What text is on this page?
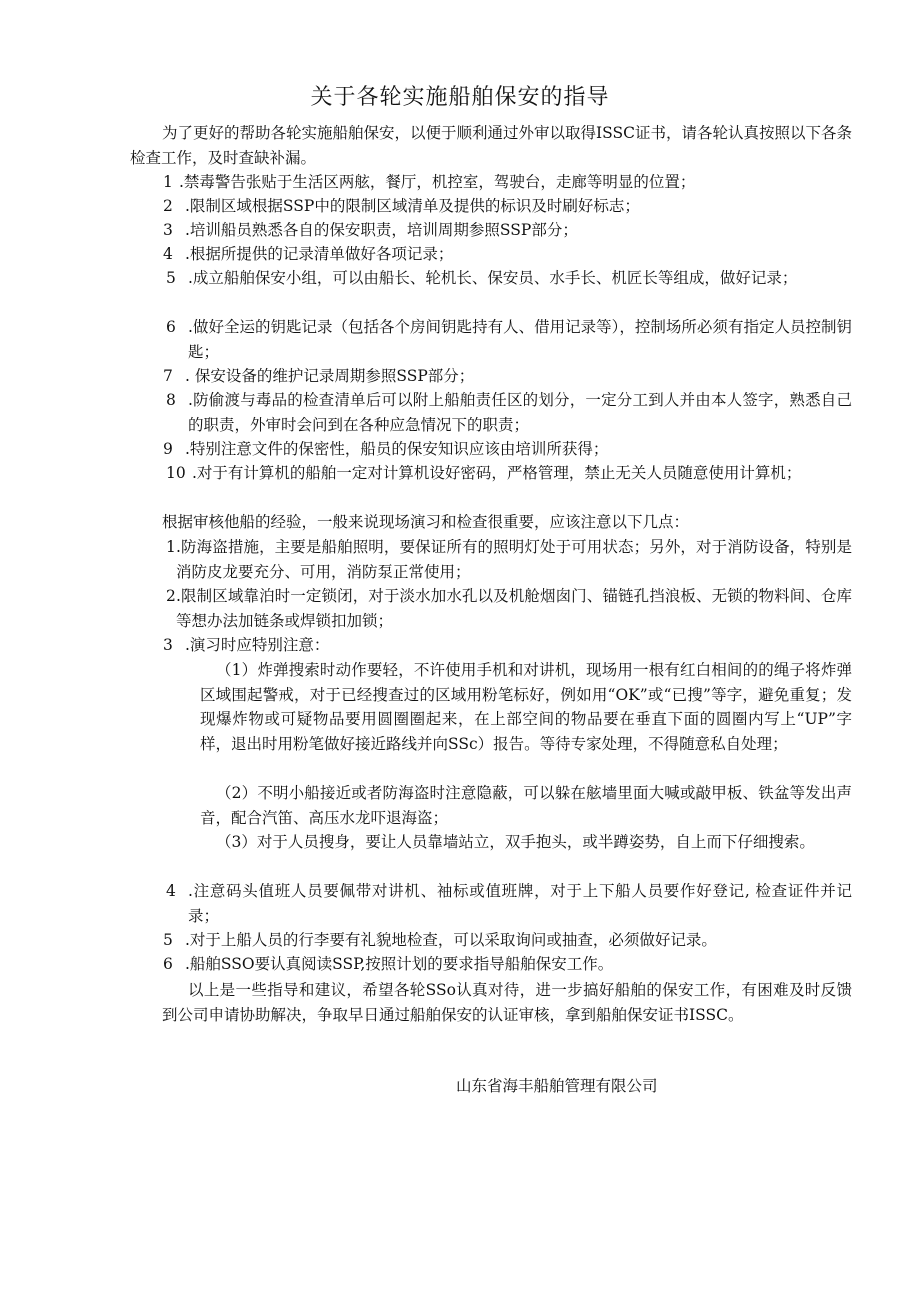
关于各轮实施船舶保安的指导
为了更好的帮助各轮实施船舶保安，以便于顺利通过外审以取得ISSC证书，请各轮认真按照以下各条检查工作，及时查缺补漏。
1 .禁毒警告张贴于生活区两舷，餐厅，机控室，驾驶台，走廊等明显的位置；
2 .限制区域根据SSP中的限制区域清单及提供的标识及时刷好标志；
3 .培训船员熟悉各自的保安职责，培训周期参照SSP部分；
4 .根据所提供的记录清单做好各项记录；
5 .成立船舶保安小组，可以由船长、轮机长、保安员、水手长、机匠长等组成，做好记录；
6 .做好全运的钥匙记录（包括各个房间钥匙持有人、借用记录等），控制场所必须有指定人员控制钥匙；
7 . 保安设备的维护记录周期参照SSP部分；
8 .防偷渡与毒品的检查清单后可以附上船舶责任区的划分，一定分工到人并由本人签字，熟悉自己的职责，外审时会问到在各种应急情况下的职责；
9 .特别注意文件的保密性，船员的保安知识应该由培训所获得；
10 .对于有计算机的船舶一定对计算机设好密码，严格管理，禁止无关人员随意使用计算机；
根据审核他船的经验，一般来说现场演习和检查很重要，应该注意以下几点：
1 .防海盗措施，主要是船舶照明，要保证所有的照明灯处于可用状态；另外，对于消防设备，特别是消防皮龙要充分、可用，消防泵正常使用；
2 .限制区域靠泊时一定锁闭，对于淡水加水孔以及机舱烟囱门、锚链孔挡浪板、无锁的物料间、仓库等想办法加链条或焊锁扣加锁；
3 .演习时应特别注意：
（1）炸弹搜索时动作要轻，不许使用手机和对讲机，现场用一根有红白相间的的绳子将炸弹区域围起警戒，对于已经搜查过的区域用粉笔标好，例如用“OK”或“已搜”等字，避免重复；发现爆炸物或可疑物品要用圆圈圈起来，在上部空间的物品要在垂直下面的圆圈内写上“UP”字样，退出时用粉笔做好接近路线并向SSc）报告。等待专家处理，不得随意私自处理；
（2）不明小船接近或者防海盗时注意隐蔽，可以躲在舷墙里面大喊或敲甲板、铁盆等发出声音，配合汽笛、高压水龙吓退海盗；
（3）对于人员搜身，要让人员靠墙站立，双手抱头，或半蹲姿势，自上而下仔细搜索。
4 .注意码头值班人员要佩带对讲机、袖标或值班牌，对于上下船人员要作好登记, 检查证件并记录；
5 .对于上船人员的行李要有礼貌地检查，可以采取询问或抽查，必须做好记录。
6 .船舶SSO要认真阅读SSP,按照计划的要求指导船舶保安工作。
以上是一些指导和建议，希望各轮SSo认真对待，进一步搞好船舶的保安工作，有困难及时反馈到公司申请协助解决，争取早日通过船舶保安的认证审核，拿到船舶保安证书ISSC。
山东省海丰船舶管理有限公司
